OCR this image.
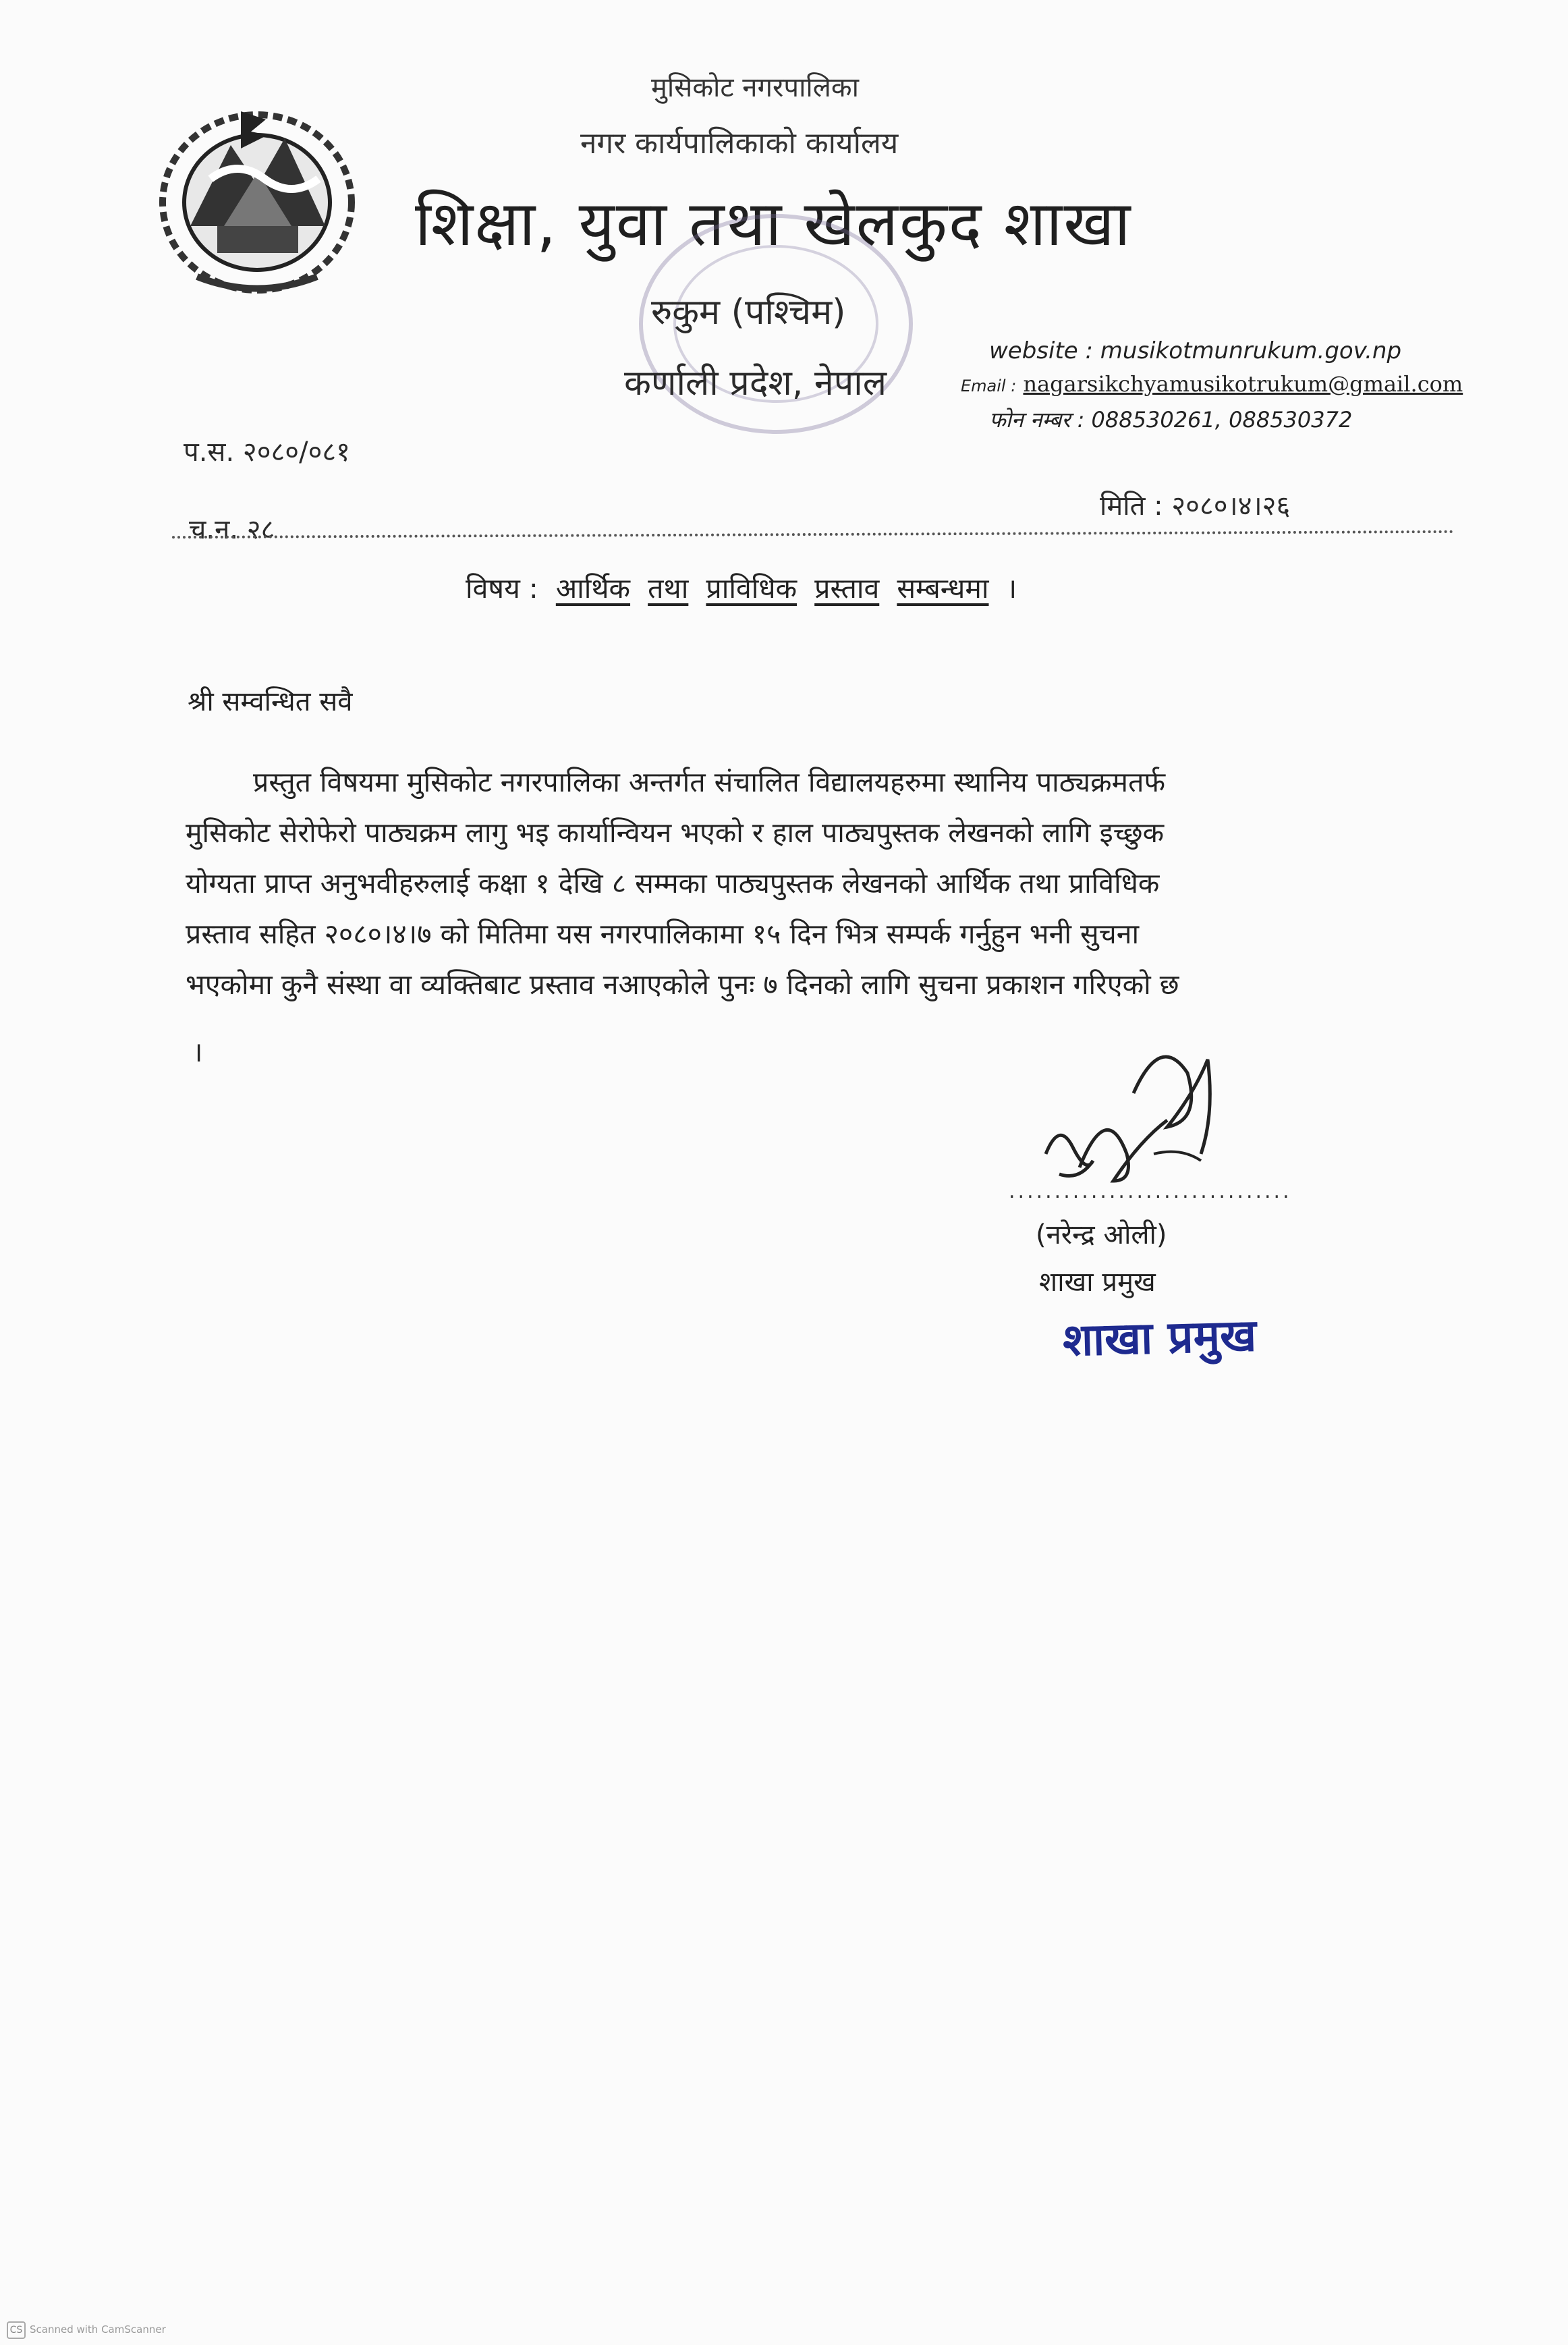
मुसिकोट नगरपालिका
नगर कार्यपालिकाको कार्यालय
शिक्षा, युवा तथा खेलकुद शाखा
रुकुम (पश्चिम)
कर्णाली प्रदेश, नेपाल
website : musikotmunrukum.gov.np
Email : nagarsikchyamusikotrukum@gmail.com
फोन नम्बर : 088530261, 088530372
प.स. २०८०/०८१
मिति : २०८०।४।२६
च.न. २८
विषय : आर्थिक तथा प्राविधिक प्रस्ताव सम्बन्धमा ।
श्री सम्वन्धित सवै
प्रस्तुत विषयमा मुसिकोट नगरपालिका अन्तर्गत संचालित विद्यालयहरुमा स्थानिय पाठ्यक्रमतर्फ
मुसिकोट सेरोफेरो पाठ्यक्रम लागु भइ कार्यान्वियन भएको र हाल पाठ्यपुस्तक लेखनको लागि इच्छुक
योग्यता प्राप्त अनुभवीहरुलाई कक्षा १ देखि ८ सम्मका पाठ्यपुस्तक लेखनको आर्थिक तथा प्राविधिक
प्रस्ताव सहित २०८०।४।७ को मितिमा यस नगरपालिकामा १५ दिन भित्र सम्पर्क गर्नुहुन भनी सुचना
भएकोमा कुनै संस्था वा व्यक्तिबाट प्रस्ताव नआएकोले पुनः ७ दिनको लागि सुचना प्रकाशन गरिएको छ
।
...............................
(नरेन्द्र ओली)
शाखा प्रमुख
शाखा प्रमुख
CS Scanned with CamScanner
